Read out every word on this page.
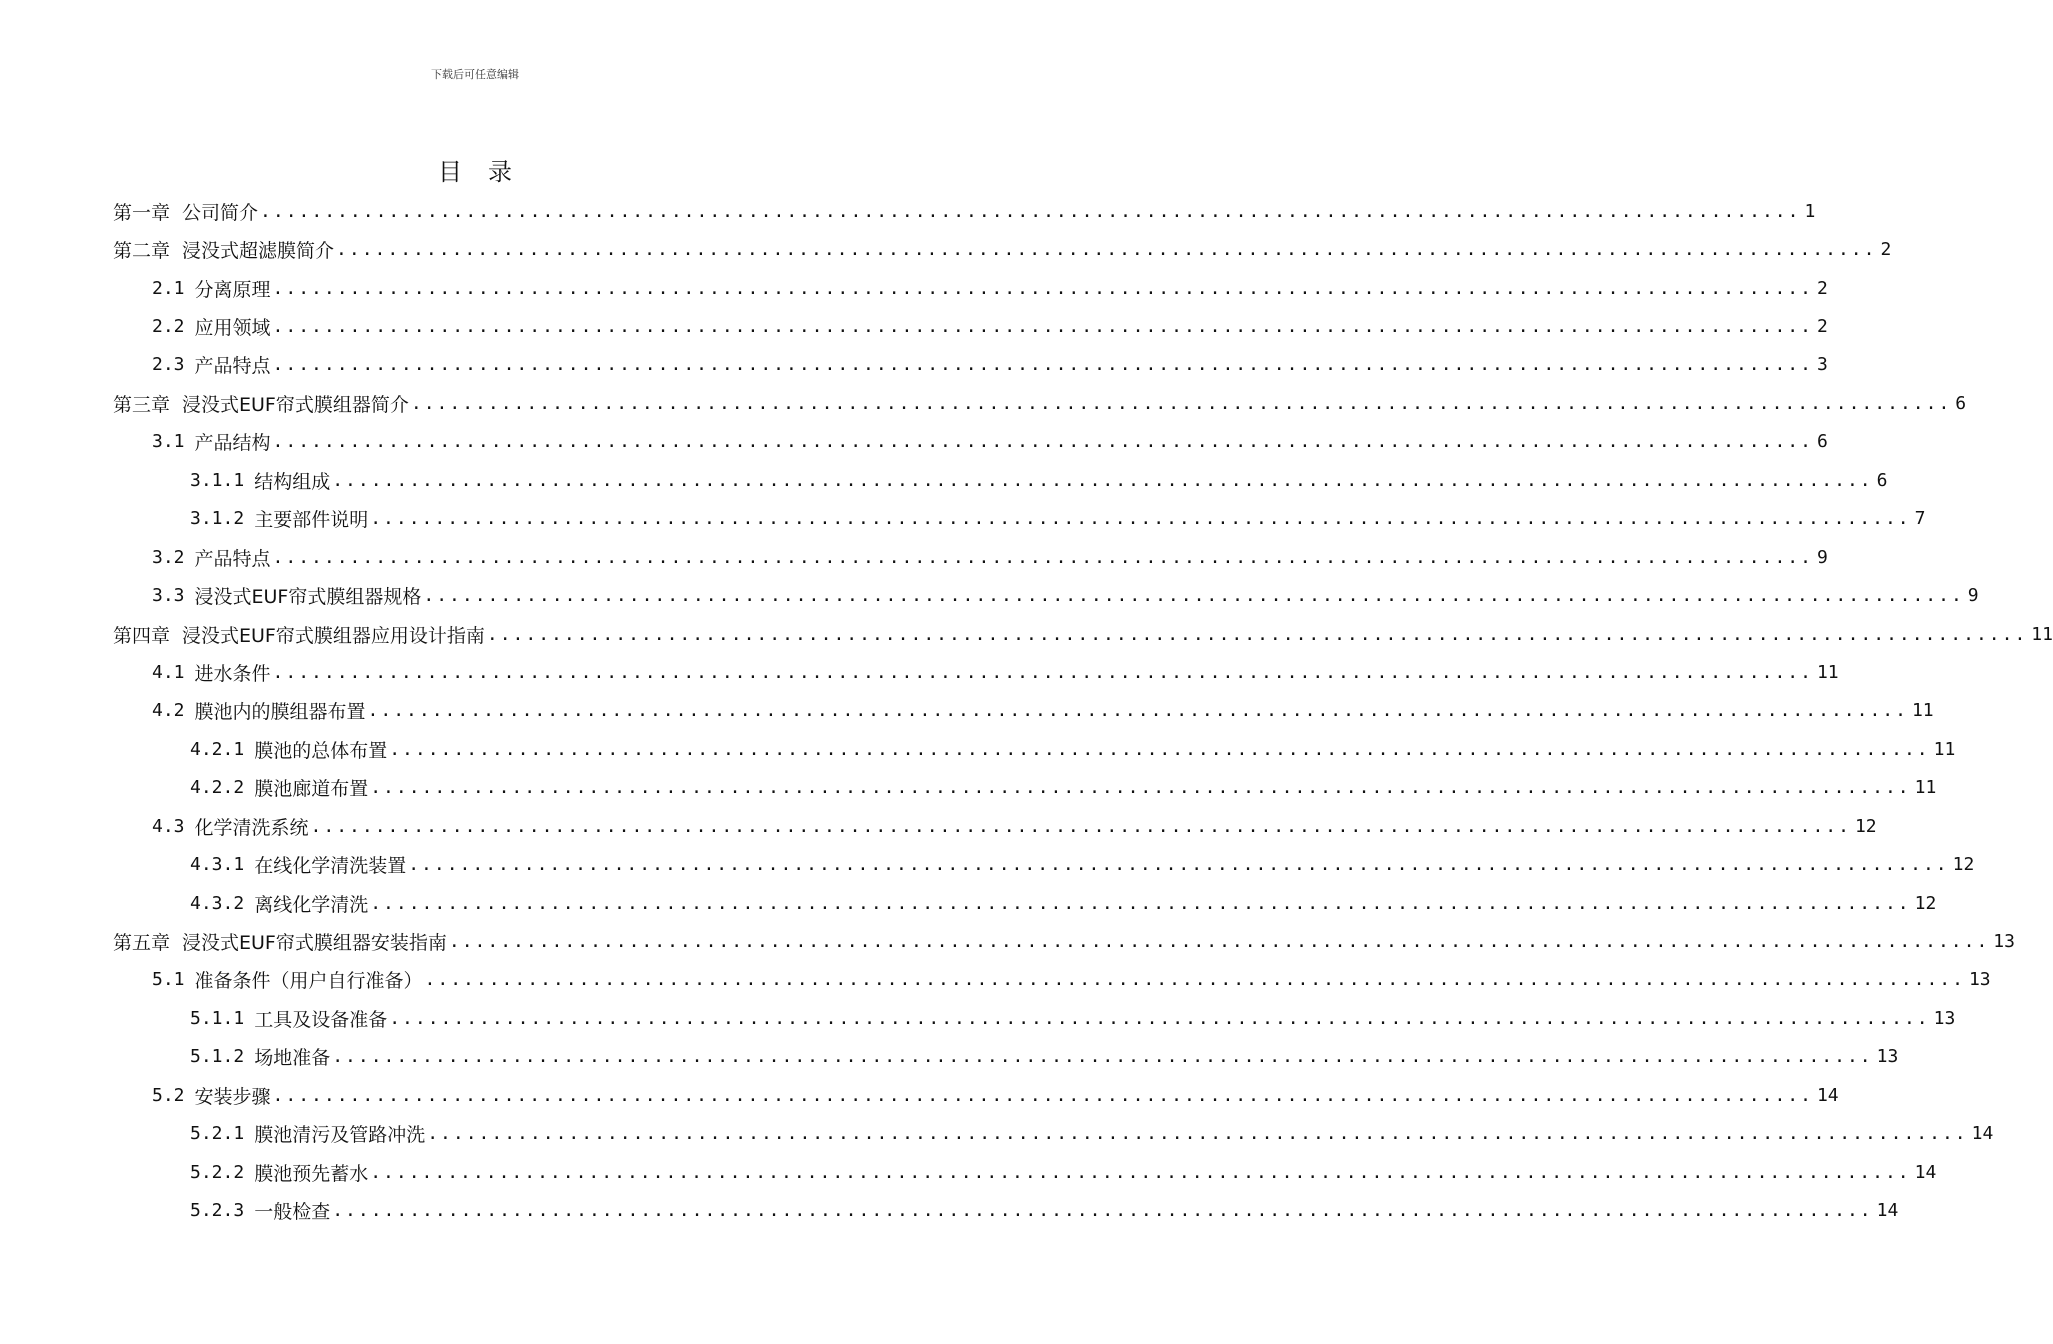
下载后可任意编辑
目录
第一章 公司简介 ........................................................................................................................ 1
第二章 浸没式超滤膜简介 ........................................................................................................................ 2
2.1 分离原理 ........................................................................................................................ 2
2.2 应用领域 ........................................................................................................................ 2
2.3 产品特点 ........................................................................................................................ 3
第三章 浸没式EUF帘式膜组器简介 ........................................................................................................................ 6
3.1 产品结构 ........................................................................................................................ 6
3.1.1 结构组成 ........................................................................................................................ 6
3.1.2 主要部件说明 ........................................................................................................................ 7
3.2 产品特点 ........................................................................................................................ 9
3.3 浸没式EUF帘式膜组器规格 ........................................................................................................................ 9
第四章 浸没式EUF帘式膜组器应用设计指南 ........................................................................................................................ 11
4.1 进水条件 ........................................................................................................................ 11
4.2 膜池内的膜组器布置 ........................................................................................................................ 11
4.2.1 膜池的总体布置 ........................................................................................................................ 11
4.2.2 膜池廊道布置 ........................................................................................................................ 11
4.3 化学清洗系统 ........................................................................................................................ 12
4.3.1 在线化学清洗装置 ........................................................................................................................ 12
4.3.2 离线化学清洗 ........................................................................................................................ 12
第五章 浸没式EUF帘式膜组器安装指南 ........................................................................................................................ 13
5.1 准备条件（用户自行准备） ........................................................................................................................ 13
5.1.1 工具及设备准备 ........................................................................................................................ 13
5.1.2 场地准备 ........................................................................................................................ 13
5.2 安装步骤 ........................................................................................................................ 14
5.2.1 膜池清污及管路冲洗 ........................................................................................................................ 14
5.2.2 膜池预先蓄水 ........................................................................................................................ 14
5.2.3 一般检查 ........................................................................................................................ 14
